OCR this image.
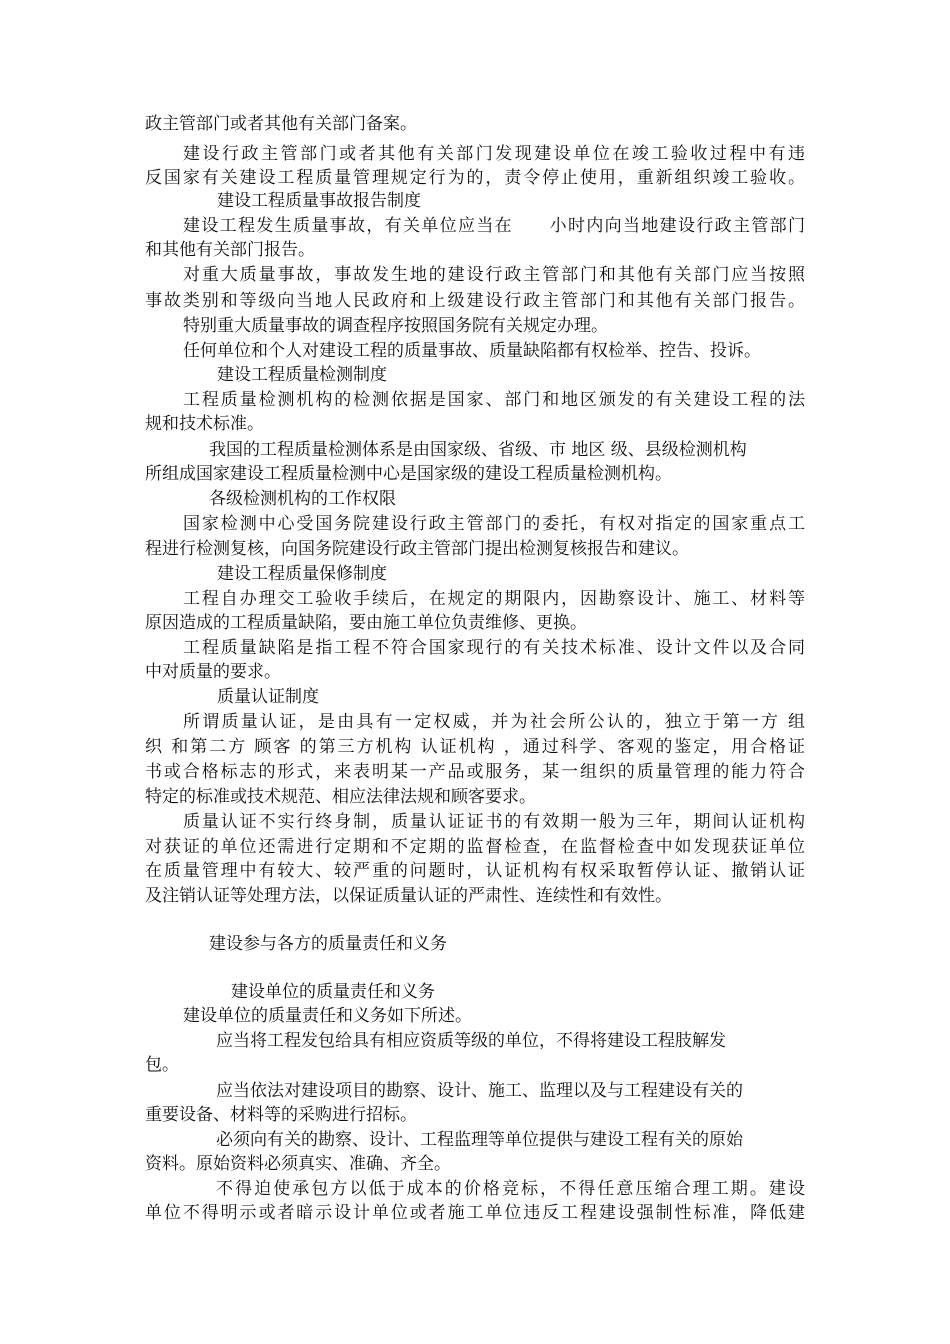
政主管部门或者其他有关部门备案。
建设行政主管部门或者其他有关部门发现建设单位在竣工验收过程中有违
反国家有关建设工程质量管理规定行为的，责令停止使用，重新组织竣工验收。
建设工程质量事故报告制度
建设工程发生质量事故，有关单位应当在　　小时内向当地建设行政主管部门
和其他有关部门报告。
对重大质量事故，事故发生地的建设行政主管部门和其他有关部门应当按照
事故类别和等级向当地人民政府和上级建设行政主管部门和其他有关部门报告。
特别重大质量事故的调查程序按照国务院有关规定办理。
任何单位和个人对建设工程的质量事故、质量缺陷都有权检举、控告、投诉。
建设工程质量检测制度
工程质量检测机构的检测依据是国家、部门和地区颁发的有关建设工程的法
规和技术标准。
我国的工程质量检测体系是由国家级、省级、市 地区 级、县级检测机构
所组成国家建设工程质量检测中心是国家级的建设工程质量检测机构。
各级检测机构的工作权限
国家检测中心受国务院建设行政主管部门的委托，有权对指定的国家重点工
程进行检测复核，向国务院建设行政主管部门提出检测复核报告和建议。
建设工程质量保修制度
工程自办理交工验收手续后，在规定的期限内，因勘察设计、施工、材料等
原因造成的工程质量缺陷，要由施工单位负责维修、更换。
工程质量缺陷是指工程不符合国家现行的有关技术标准、设计文件以及合同
中对质量的要求。
质量认证制度
所谓质量认证，是由具有一定权威，并为社会所公认的，独立于第一方 组
织 和第二方 顾客 的第三方机构 认证机构 ，通过科学、客观的鉴定，用合格证
书或合格标志的形式，来表明某一产品或服务，某一组织的质量管理的能力符合
特定的标准或技术规范、相应法律法规和顾客要求。
质量认证不实行终身制，质量认证证书的有效期一般为三年，期间认证机构
对获证的单位还需进行定期和不定期的监督检查，在监督检查中如发现获证单位
在质量管理中有较大、较严重的问题时，认证机构有权采取暂停认证、撤销认证
及注销认证等处理方法，以保证质量认证的严肃性、连续性和有效性。
建设参与各方的质量责任和义务
建设单位的质量责任和义务
建设单位的质量责任和义务如下所述。
应当将工程发包给具有相应资质等级的单位，不得将建设工程肢解发
包。
应当依法对建设项目的勘察、设计、施工、监理以及与工程建设有关的
重要设备、材料等的采购进行招标。
必须向有关的勘察、设计、工程监理等单位提供与建设工程有关的原始
资料。原始资料必须真实、准确、齐全。
不得迫使承包方以低于成本的价格竞标，不得任意压缩合理工期。建设
单位不得明示或者暗示设计单位或者施工单位违反工程建设强制性标准，降低建
